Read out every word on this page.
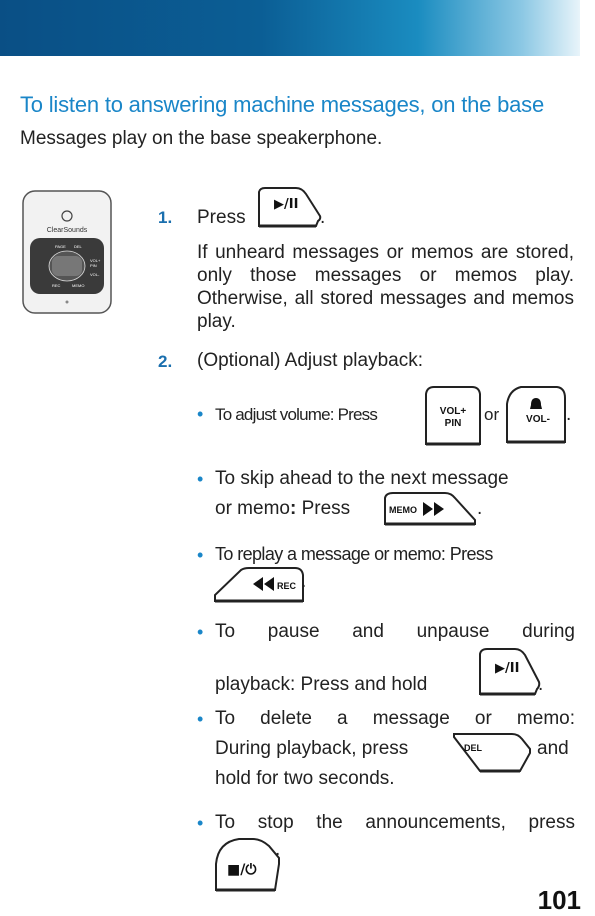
To listen to answering machine messages, on the base
Messages play on the base speakerphone.
ClearSounds
PAGE DEL
VOL+
PIN
VOL-
REC	MEMO
1. Press
▶/II
.
If unheard messages or memos are stored, only those messages or memos play. Otherwise, all stored messages and memos play.
2. (Optional) Adjust playback:
• To adjust volume: Press	VOL+
PIN or	VOL- .
• To skip ahead to the next message
or memo: Press	MEMO	.
• To replay a message or memo: Press
REC .
• To pause and unpause during
playback: Press and hold
▶/II
.
• To delete a message or memo:
During playback, press	DEL	and
hold for two seconds.
• To stop the announcements, press
■/⏻
.
101
